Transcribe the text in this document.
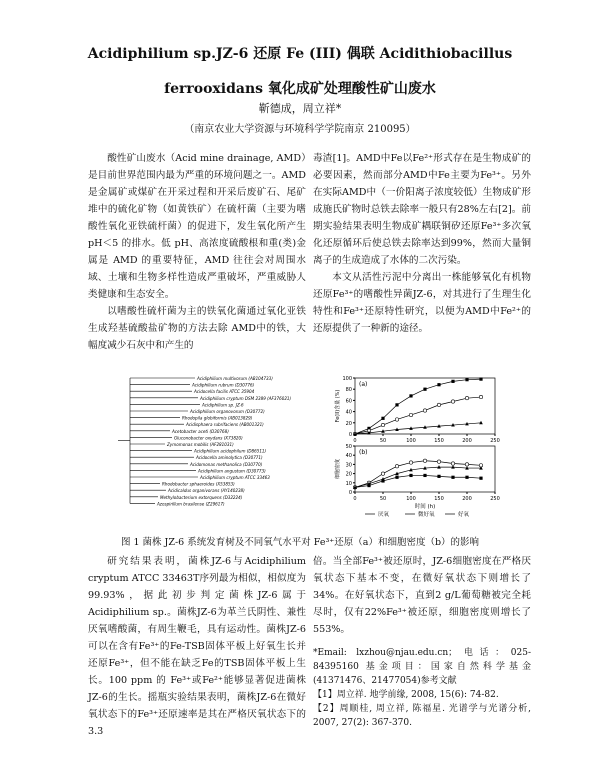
Acidiphilium sp.JZ-6 还原 Fe (III) 偶联 Acidithiobacillus
ferrooxidans 氧化成矿处理酸性矿山废水
靳德成，周立祥*
（南京农业大学资源与环境科学学院南京 210095）

酸性矿山废水（Acid mine drainage, AMD）是目前世界范围内最为严重的环境问题之一。AMD 是金属矿或煤矿在开采过程和开采后废矿石、尾矿堆中的硫化矿物（如黄铁矿）在硫杆菌（主要为嗜酸性氧化亚铁硫杆菌）的促进下，发生氧化所产生 pH＜5 的排水。低 pH、高浓度硫酸根和重(类)金属是 AMD 的重要特征，AMD 往往会对周围水域、土壤和生物多样性造成严重破坏，严重威胁人类健康和生态安全。

以嗜酸性硫杆菌为主的铁氧化菌通过氧化亚铁生成羟基硫酸盐矿物的方法去除 AMD中的铁，大幅度减少石灰中和产生的

毒渣[1]。AMD中Fe以Fe²⁺形式存在是生物成矿的必要因素，然而部分AMD中Fe主要为Fe³⁺。另外在实际AMD中（一价阳离子浓度较低）生物成矿形成施氏矿物时总铁去除率一般只有28%左右[2]。前期实验结果表明生物成矿耦联铜矽还原Fe³⁺多次氧化还原循环后使总铁去除率达到99%，然而大量铜离子的生成造成了水体的二次污染。

本文从活性污泥中分离出一株能够氧化有机物还原Fe³⁺的嗜酸性异菌JZ-6，对其进行了生理生化特性和Fe³⁺还原特性研究，以便为AMD中Fe²⁺的还原提供了一种新的途径。

Acidiphilium multivorum (AB104733)
Acidiphilium rubrum (D30776)
Acidocella facilis ATCC 35904
Acidiphilium cryptum DSM 2389 (AF376021)
Acidiphilium sp. JZ-6
Acidiphilium organovorum (D30772)
Rhodopila globiformis (AB013829)
Acidisphaera rubrifaciens (AB001321)
Acetobacter aceti (D30768)
Gluconobacter oxydans (X73820)
Zymomonas mobilis (AF281031)
Acidiphilium acidophilum (D86511)
Acidocella aminolytica (D30771)
Acidomonas methanolica (D30770)
Acidiphilium angustum (D30773)
Acidiphilium cryptum ATCC 33463
Rhodobacter sphaeroides (X53853)
Acidicaldus organivorans (AY140238)
Methylobacterium extorquens (D32224)
Azospirillum brasilense (Z29617)
0	50	100	150	200	250
0
20
40
60
80
100
Fe(II)含量 (%)
(a)
0	50	100	150	200	250
0
10
20
30
40
50
细胞密度
时间 (h)
(b)
厌氧	微好氧	好氧
图 1 菌株 JZ-6 系统发育树及不同氧气水平对 Fe³⁺还原（a）和细胞密度（b）的影响

研究结果表明，菌株JZ-6与Acidiphilium cryptum ATCC 33463T序列最为相似，相似度为99.93%，据此初步判定菌株JZ-6属于Acidiphilium sp.。菌株JZ-6为革兰氏阴性、兼性厌氧嗜酸菌，有周生鞭毛，具有运动性。菌株JZ-6可以在含有Fe³⁺的Fe-TSB固体平板上好氧生长并还原Fe³⁺，但不能在缺乏Fe的TSB固体平板上生长。100 ppm 的 Fe³⁺或Fe²⁺能够显著促进菌株JZ-6的生长。摇瓶实验结果表明，菌株JZ-6在微好氧状态下的Fe³⁺还原速率是其在严格厌氧状态下的3.3

倍。当全部Fe³⁺被还原时，JZ-6细胞密度在严格厌氧状态下基本不变，在微好氧状态下则增长了34%。在好氧状态下，直到2 g/L葡萄糖被完全耗尽时，仅有22%Fe³⁺被还原，细胞密度则增长了553%。

*Email: lxzhou@njau.edu.cn；电话：025-84395160 基金项目：国家自然科学基金(41371476、21477054)参考文献

【1】周立祥. 地学前缘, 2008, 15(6): 74-82.

【2】周顺桂, 周立祥, 陈福星. 光谱学与光谱分析, 2007, 27(2): 367-370.
